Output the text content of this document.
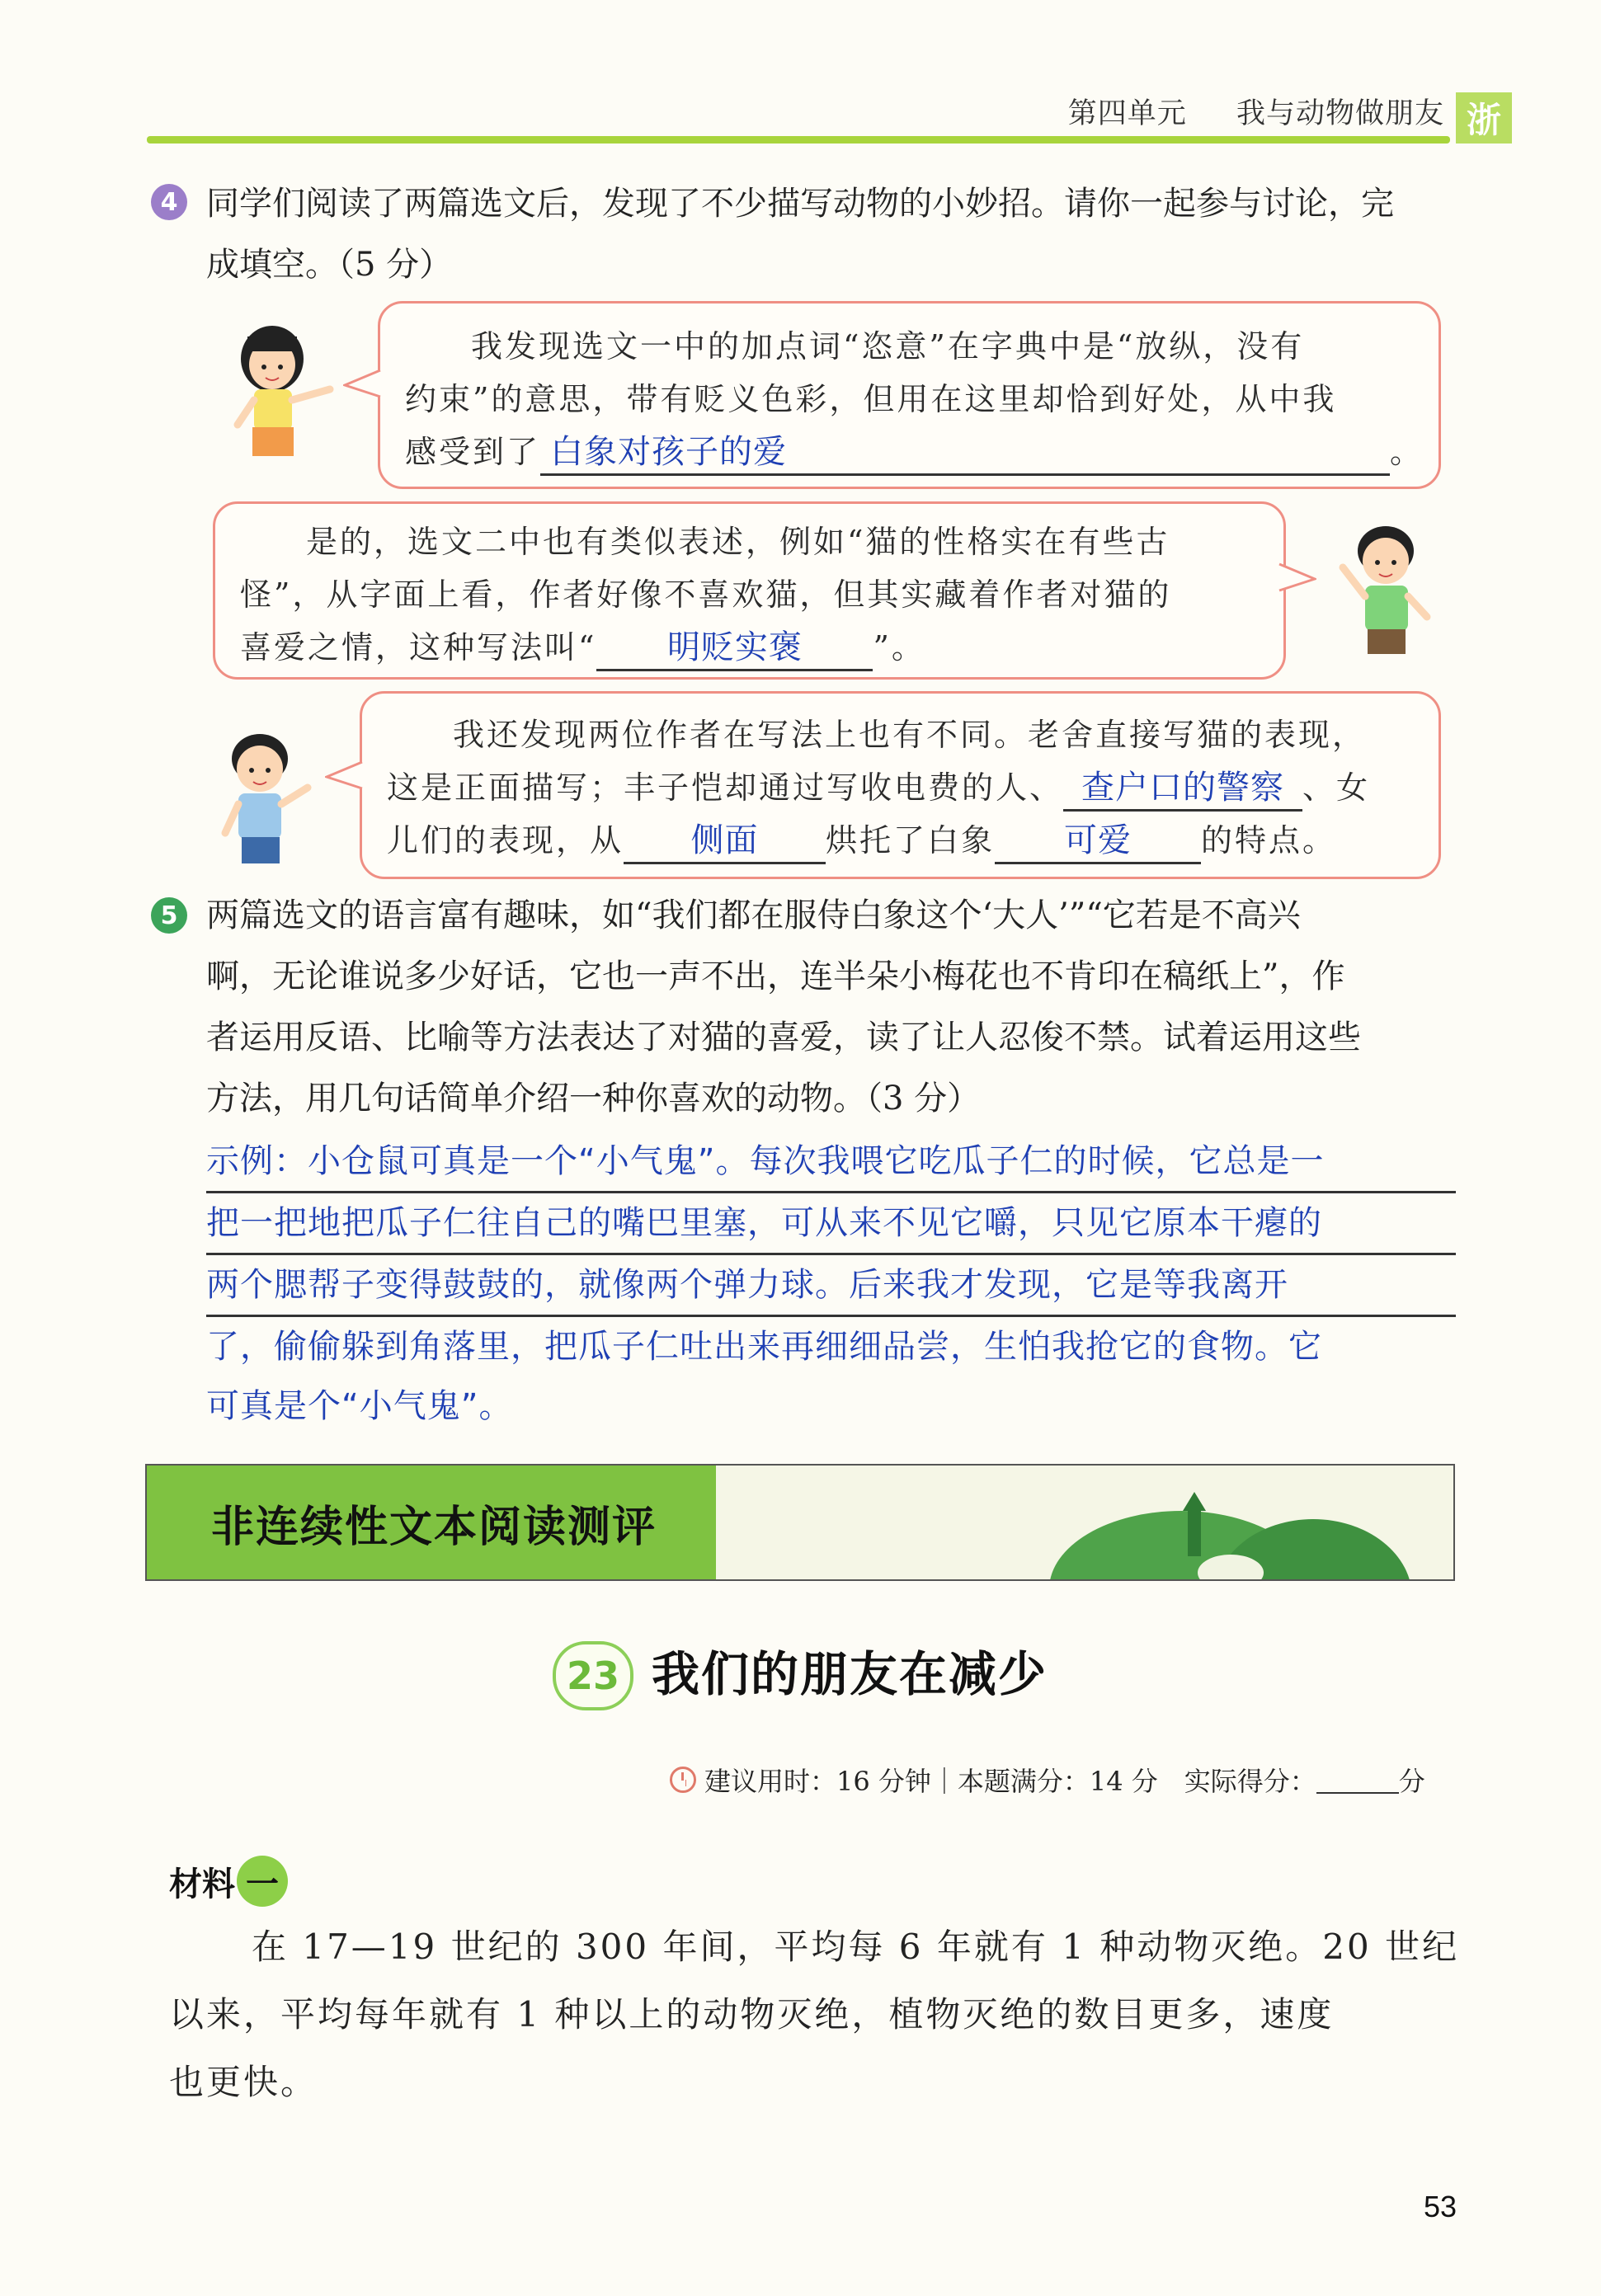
第四单元 我与动物做朋友 浙
4 同学们阅读了两篇选文后，发现了不少描写动物的小妙招。请你一起参与讨论，完
成填空。（5 分）
我发现选文一中的加点词“恣意”在字典中是“放纵，没有
约束”的意思，带有贬义色彩，但用在这里却恰到好处，从中我
感受到了 白象对孩子的爱	。
是的，选文二中也有类似表述，例如“猫的性格实在有些古
怪”，从字面上看，作者好像不喜欢猫，但其实藏着作者对猫的
喜爱之情，这种写法叫“ 明贬实褒 ”。
我还发现两位作者在写法上也有不同。老舍直接写猫的表现，
这是正面描写；丰子恺却通过写收电费的人、 查户口的警察 、女
儿们的表现，从 侧面 烘托了白象 可爱 的特点。
5 两篇选文的语言富有趣味，如“我们都在服侍白象这个‘大人’”“它若是不高兴
啊，无论谁说多少好话，它也一声不出，连半朵小梅花也不肯印在稿纸上”，作
者运用反语、比喻等方法表达了对猫的喜爱，读了让人忍俊不禁。试着运用这些
方法，用几句话简单介绍一种你喜欢的动物。（3 分）
示例：小仓鼠可真是一个“小气鬼”。每次我喂它吃瓜子仁的时候，它总是一
把一把地把瓜子仁往自己的嘴巴里塞，可从来不见它嚼，只见它原本干瘪的
两个腮帮子变得鼓鼓的，就像两个弹力球。后来我才发现，它是等我离开
了，偷偷躲到角落里，把瓜子仁吐出来再细细品尝，生怕我抢它的食物。它
可真是个“小气鬼”。
非连续性文本阅读测评
23 我们的朋友在减少
建议用时：16 分钟｜本题满分：14 分　实际得分：	分
材料 一
在 17—19 世纪的 300 年间，平均每 6 年就有 1 种动物灭绝。20 世纪
以来，平均每年就有 1 种以上的动物灭绝，植物灭绝的数目更多，速度
也更快。
53
